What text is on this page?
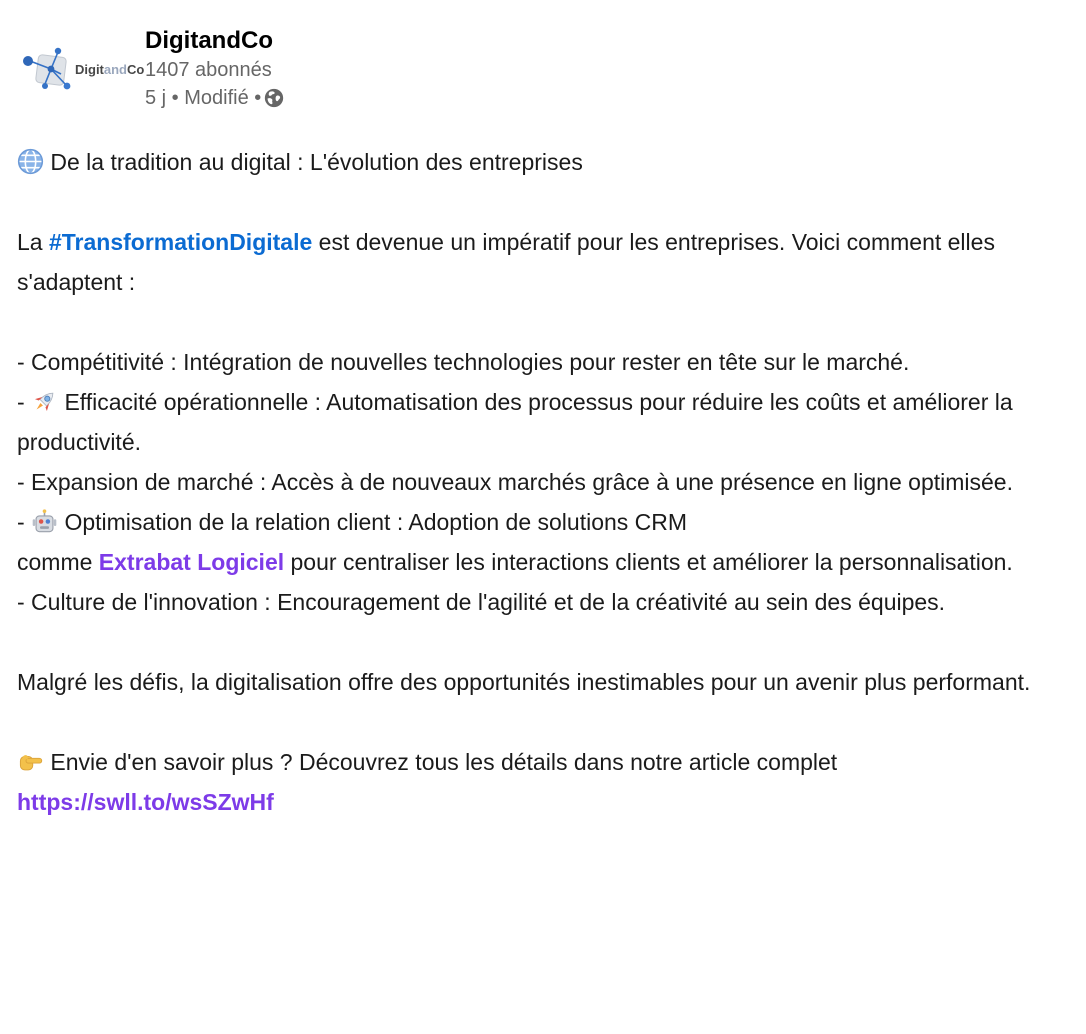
DigitandCo
DigitandCo
1407 abonnés
5 j • Modifié •
De la tradition au digital : L'évolution des entreprises
La #TransformationDigitale est devenue un impératif pour les entreprises. Voici comment elles s'adaptent :
- Compétitivité : Intégration de nouvelles technologies pour rester en tête sur le marché.
-
Efficacité opérationnelle : Automatisation des processus pour réduire les coûts et améliorer la productivité.
- Expansion de marché : Accès à de nouveaux marchés grâce à une présence en ligne optimisée.
-
Optimisation de la relation client : Adoption de solutions CRM
comme Extrabat Logiciel pour centraliser les interactions clients et améliorer la personnalisation.
- Culture de l'innovation : Encouragement de l'agilité et de la créativité au sein des équipes.
Malgré les défis, la digitalisation offre des opportunités inestimables pour un avenir plus performant.
Envie d'en savoir plus ? Découvrez tous les détails dans notre article complet https://swll.to/wsSZwHf
